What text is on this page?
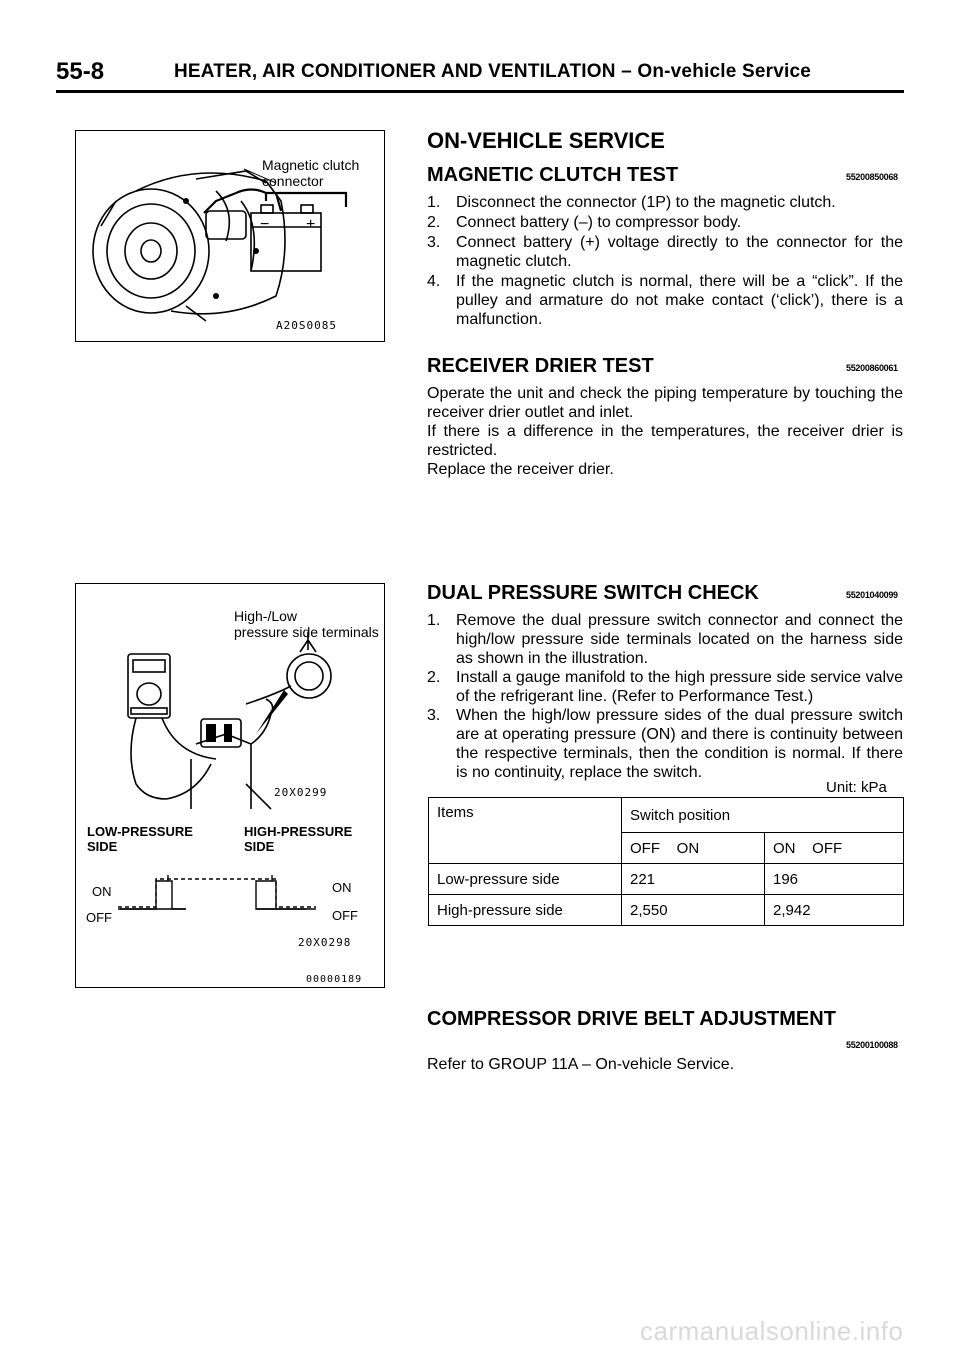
55-8	HEATER, AIR CONDITIONER AND VENTILATION – On-vehicle Service
Magnetic clutch
connector
− +
A20S0085
High-/Low
pressure side terminals
20X0299
LOW-PRESSURE
SIDE
HIGH-PRESSURE
SIDE
ON
OFF
ON
OFF
20X0298
00000189
ON-VEHICLE SERVICE
MAGNETIC CLUTCH TEST	55200850068
1. Disconnect the connector (1P) to the magnetic clutch.
2. Connect battery (–) to compressor body.
3. Connect battery (+) voltage directly to the connector for the magnetic clutch.
4. If the magnetic clutch is normal, there will be a “click”. If the pulley and armature do not make contact (‘click’), there is a malfunction.
RECEIVER DRIER TEST	55200860061
Operate the unit and check the piping temperature by touching the receiver drier outlet and inlet.
If there is a difference in the temperatures, the receiver drier is restricted.
Replace the receiver drier.
DUAL PRESSURE SWITCH CHECK	55201040099
1. Remove the dual pressure switch connector and connect the high/low pressure side terminals located on the harness side as shown in the illustration.
2. Install a gauge manifold to the high pressure side service valve of the refrigerant line. (Refer to Performance Test.)
3. When the high/low pressure sides of the dual pressure switch are at operating pressure (ON) and there is continuity between the respective terminals, then the condition is normal. If there is no continuity, replace the switch.
Unit: kPa
Items	Switch position	
	OFF    ON	ON    OFF
Low-pressure side	221	196
High-pressure side	2,550	2,942
COMPRESSOR DRIVE BELT ADJUSTMENT
55200100088
Refer to GROUP 11A – On-vehicle Service.
carmanualsonline.info
